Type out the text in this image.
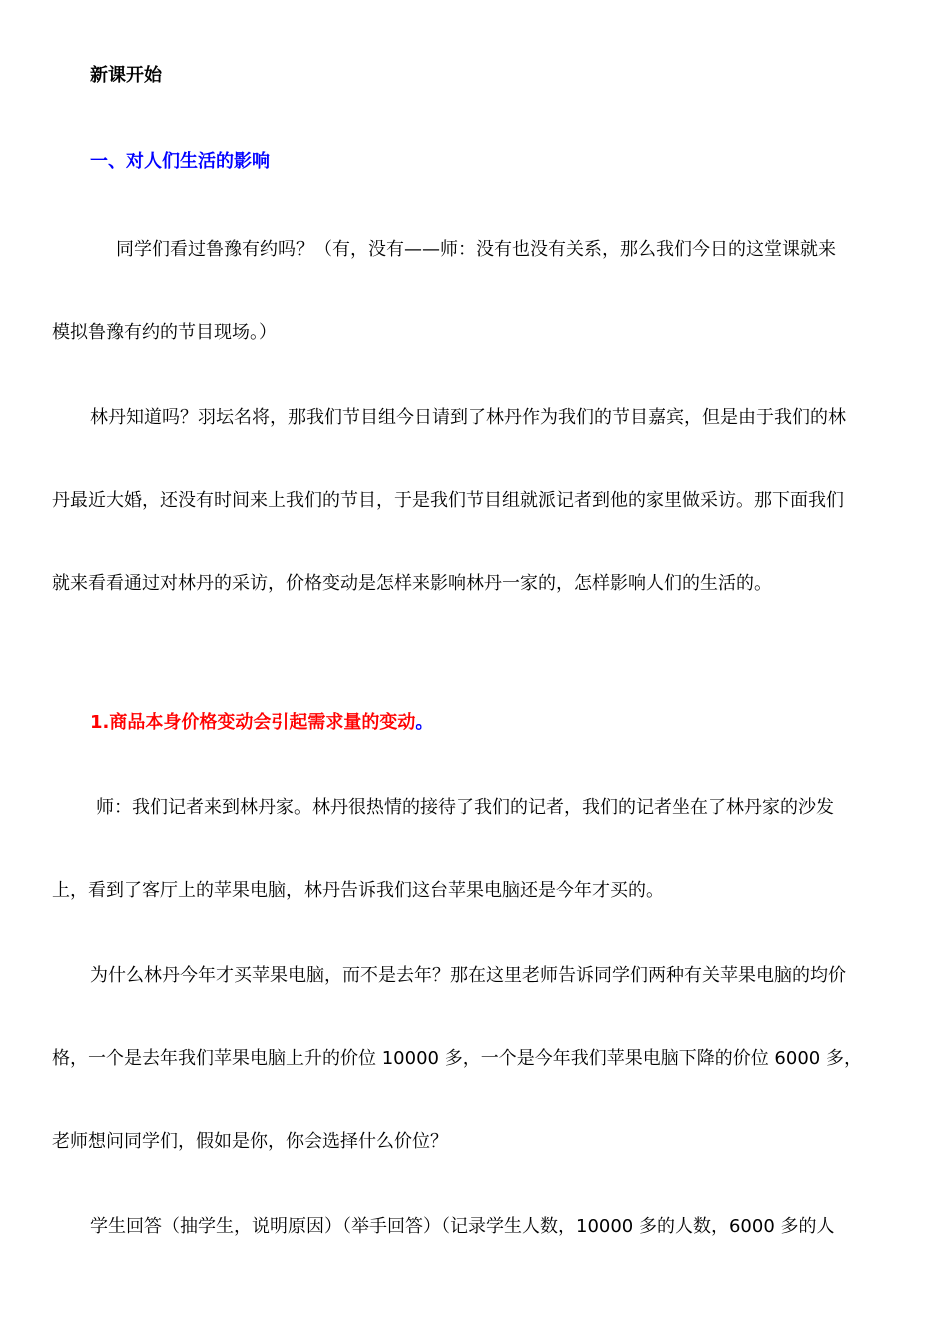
新课开始
一、对人们生活的影响
同学们看过鲁豫有约吗？（有，没有——师：没有也没有关系，那么我们今日的这堂课就来
模拟鲁豫有约的节目现场。）
林丹知道吗？羽坛名将，那我们节目组今日请到了林丹作为我们的节目嘉宾，但是由于我们的林
丹最近大婚，还没有时间来上我们的节目，于是我们节目组就派记者到他的家里做采访。那下面我们
就来看看通过对林丹的采访，价格变动是怎样来影响林丹一家的，怎样影响人们的生活的。
1.商品本身价格变动会引起需求量的变动。
师：我们记者来到林丹家。林丹很热情的接待了我们的记者，我们的记者坐在了林丹家的沙发
上，看到了客厅上的苹果电脑，林丹告诉我们这台苹果电脑还是今年才买的。
为什么林丹今年才买苹果电脑，而不是去年？那在这里老师告诉同学们两种有关苹果电脑的均价
格，一个是去年我们苹果电脑上升的价位 10000 多，一个是今年我们苹果电脑下降的价位 6000 多，
老师想问同学们，假如是你，你会选择什么价位？
学生回答（抽学生，说明原因）（举手回答）（记录学生人数，10000 多的人数，6000 多的人
